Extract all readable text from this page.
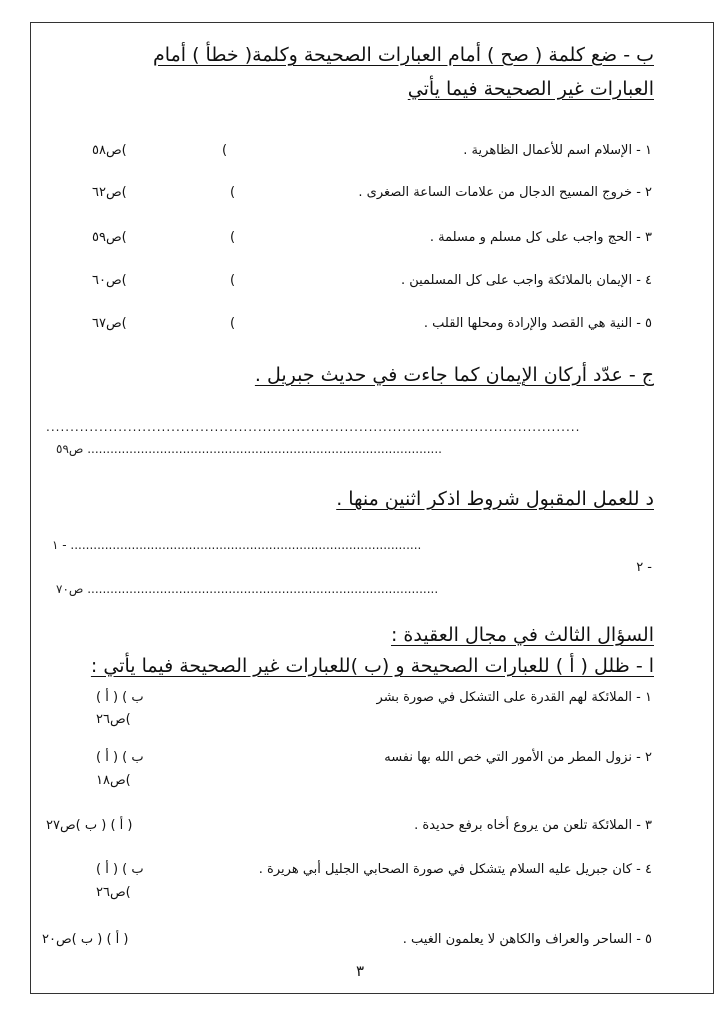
ب - ضع كلمة ( صح ) أمام العبارات الصحيحة وكلمة( خطأ ) أمام
العبارات غير الصحيحة فيما يأتي
١ - الإسلام اسم للأعمال الظاهرية .
(
)ص٥٨
٢ - خروج المسيح الدجال من علامات الساعة الصغرى .
(
)ص٦٢
٣ - الحج واجب على كل مسلم و مسلمة .
(
)ص٥٩
٤ - الإيمان بالملائكة واجب على كل المسلمين .
(
)ص٦٠
٥ - النية هي القصد والإرادة ومحلها القلب .
(
)ص٦٧
ج - عدّد أركان الإيمان كما جاءت في حديث جبريل .
...............................................................................................................
............................................................................................. ص٥٩
د للعمل المقبول شروط اذكر اثنين منها .
١ - ............................................................................................
٢ -
............................................................................................ ص٧٠
السؤال الثالث في مجال العقيدة :
ا - ظلل ( أ ) للعبارات الصحيحة و (ب )للعبارات غير الصحيحة فيما يأتي :
١ - الملائكة لهم القدرة على التشكل في صورة بشر
( أ ) ( ب
)ص٢٦
٢ - نزول المطر من الأمور التي خص الله بها نفسه
( أ ) ( ب
)ص١٨
٣ - الملائكة تلعن من يروع أخاه برفع حديدة .
( أ ) ( ب )ص٢٧
٤ - كان جبريل عليه السلام يتشكل في صورة الصحابي الجليل أبي هريرة .
( أ ) ( ب
)ص٢٦
٥ - الساحر والعراف والكاهن لا يعلمون الغيب .
( أ ) ( ب )ص٢٠
٣
